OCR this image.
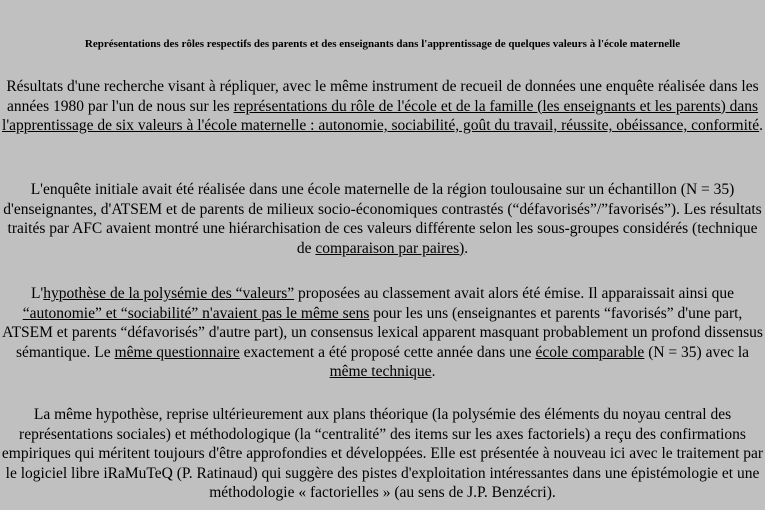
Représentations des rôles respectifs des parents et des enseignants dans l'apprentissage de quelques valeurs à l'école maternelle
Résultats d'une recherche visant à répliquer, avec le même instrument de recueil de données une enquête réalisée dans les années 1980 par l'un de nous sur les représentations du rôle de l'école et de la famille (les enseignants et les parents) dans l'apprentissage de six valeurs à l'école maternelle : autonomie, sociabilité, goût du travail, réussite, obéissance, conformité.
L'enquête initiale avait été réalisée dans une école maternelle de la région toulousaine sur un échantillon (N = 35) d'enseignantes, d'ATSEM et de parents de milieux socio-économiques contrastés (“défavorisés”/”favorisés”). Les résultats traités par AFC avaient montré une hiérarchisation de ces valeurs différente selon les sous-groupes considérés (technique de comparaison par paires).
L'hypothèse de la polysémie des “valeurs” proposées au classement avait alors été émise. Il apparaissait ainsi que “autonomie” et “sociabilité” n'avaient pas le même sens pour les uns (enseignantes et parents “favorisés” d'une part, ATSEM et parents “défavorisés” d'autre part), un consensus lexical apparent masquant probablement un profond dissensus sémantique. Le même questionnaire exactement a été proposé cette année dans une école comparable (N = 35) avec la même technique.
La même hypothèse, reprise ultérieurement aux plans théorique (la polysémie des éléments du noyau central des représentations sociales) et méthodologique (la “centralité” des items sur les axes factoriels) a reçu des confirmations empiriques qui méritent toujours d'être approfondies et développées. Elle est présentée à nouveau ici avec le traitement par le logiciel libre iRaMuTeQ (P. Ratinaud) qui suggère des pistes d'exploitation intéressantes dans une épistémologie et une méthodologie « factorielles » (au sens de J.P. Benzécri).
